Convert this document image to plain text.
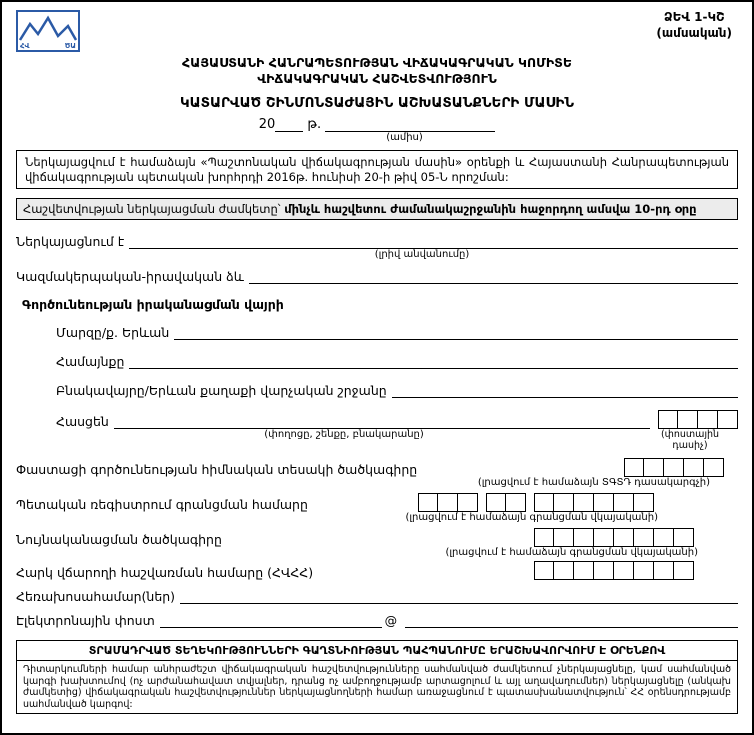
ՀՎ	ԾԱ
ՁԵՎ 1-ԿՇ
(ամսական)
ՀԱՅԱՍՏԱՆԻ ՀԱՆՐԱՊԵՏՈՒԹՅԱՆ ՎԻՃԱԿԱԳՐԱԿԱՆ ԿՈՄԻՏԵ
ՎԻՃԱԿԱԳՐԱԿԱՆ ՀԱՇՎԵՏՎՈՒԹՅՈՒՆ
ԿԱՏԱՐՎԱԾ ՇԻՆՄՈՆՏԱԺԱՅԻՆ ԱՇԽԱՏԱՆՔՆԵՐԻ ՄԱՍԻՆ
20 թ.
(ամիս)
Ներկայացվում է համաձայն «Պաշտոնական վիճակագրության մասին» օրենքի և Հայաստանի Հանրապետության վիճակագրության պետական խորհրդի 2016թ. հունիսի 20-ի թիվ 05-Ն որոշման:
Հաշվետվության ներկայացման ժամկետը՝ մինչև հաշվետու ժամանակաշրջանին հաջորդող ամսվա 10-րդ օրը
Ներկայացնում է
(լրիվ անվանումը)
Կազմակերպական-իրավական ձև
Գործունեության իրականացման վայրի
Մարզը/ք. Երևան
Համայնքը
Բնակավայրը/Երևան քաղաքի վարչական շրջանը
Հասցեն
(փողոցը, շենքը, բնակարանը)	(փոստային դասիչ)
Փաստացի գործունեության հիմնական տեսակի ծածկագիրը
(լրացվում է համաձայն ՏԳՏԴ դասակարգչի)
Պետական ռեգիստրում գրանցման համարը
(լրացվում է համաձայն գրանցման վկայականի)
Նույնականացման ծածկագիրը
(լրացվում է համաձայն գրանցման վկայականի)
Հարկ վճարողի հաշվառման համարը (ՀՎՀՀ)
Հեռախոսահամար(ներ)
Էլեկտրոնային փոստ	@
ՏՐԱՄԱԴՐՎԱԾ ՏԵՂԵԿՈՒԹՅՈՒՆՆԵՐԻ ԳԱՂՏՆԻՈՒԹՅԱՆ ՊԱՀՊԱՆՈՒՄԸ ԵՐԱՇԽԱՎՈՐՎՈՒՄ Է ՕՐԵՆՔՈՎ
Դիտարկումների համար անհրաժեշտ վիճակագրական հաշվետվությունները սահմանված ժամկետում չներկայացնելը, կամ սահմանված կարգի խախտումով (ոչ արժանահավատ տվյալներ, դրանց ոչ ամբողջությամբ արտացոլում և այլ աղավաղումներ) ներկայացնելը (անկախ ժամկետից) վիճակագրական հաշվետվություններ ներկայացնողների համար առաջացնում է պատասխանատվություն՝ ՀՀ օրենսդրությամբ սահմանված կարգով:
